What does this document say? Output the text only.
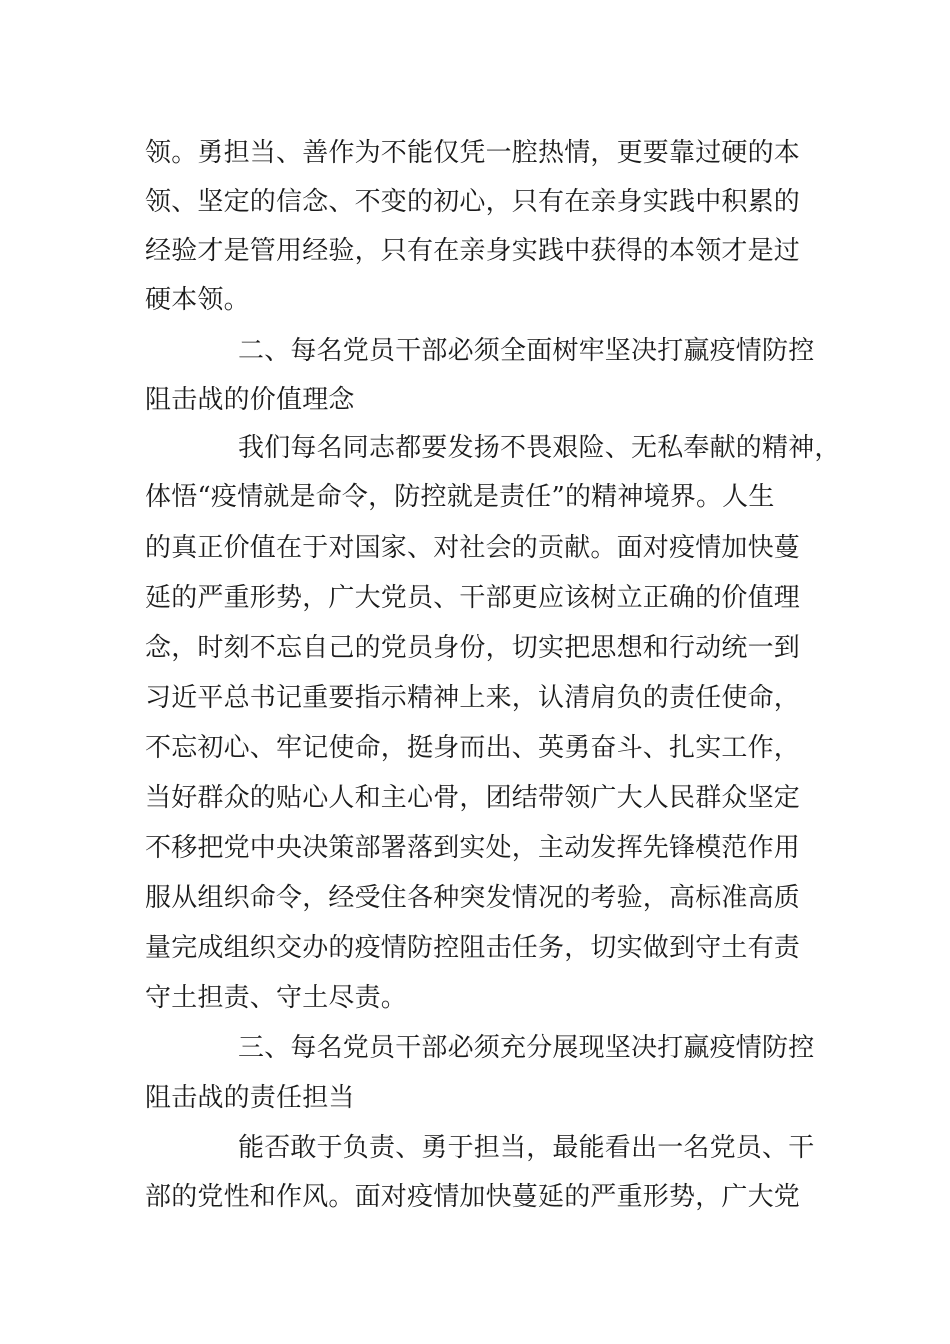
领。勇担当、善作为不能仅凭一腔热情，更要靠过硬的本
领、坚定的信念、不变的初心，只有在亲身实践中积累的
经验才是管用经验，只有在亲身实践中获得的本领才是过
硬本领。
二、每名党员干部必须全面树牢坚决打赢疫情防控
阻击战的价值理念
我们每名同志都要发扬不畏艰险、无私奉献的精神，
体悟“疫情就是命令，防控就是责任”的精神境界。人生
的真正价值在于对国家、对社会的贡献。面对疫情加快蔓
延的严重形势，广大党员、干部更应该树立正确的价值理
念，时刻不忘自己的党员身份，切实把思想和行动统一到
习近平总书记重要指示精神上来，认清肩负的责任使命，
不忘初心、牢记使命，挺身而出、英勇奋斗、扎实工作，
当好群众的贴心人和主心骨，团结带领广大人民群众坚定
不移把党中央决策部署落到实处，主动发挥先锋模范作用
服从组织命令，经受住各种突发情况的考验，高标准高质
量完成组织交办的疫情防控阻击任务，切实做到守土有责
守土担责、守土尽责。
三、每名党员干部必须充分展现坚决打赢疫情防控
阻击战的责任担当
能否敢于负责、勇于担当，最能看出一名党员、干
部的党性和作风。面对疫情加快蔓延的严重形势，广大党
